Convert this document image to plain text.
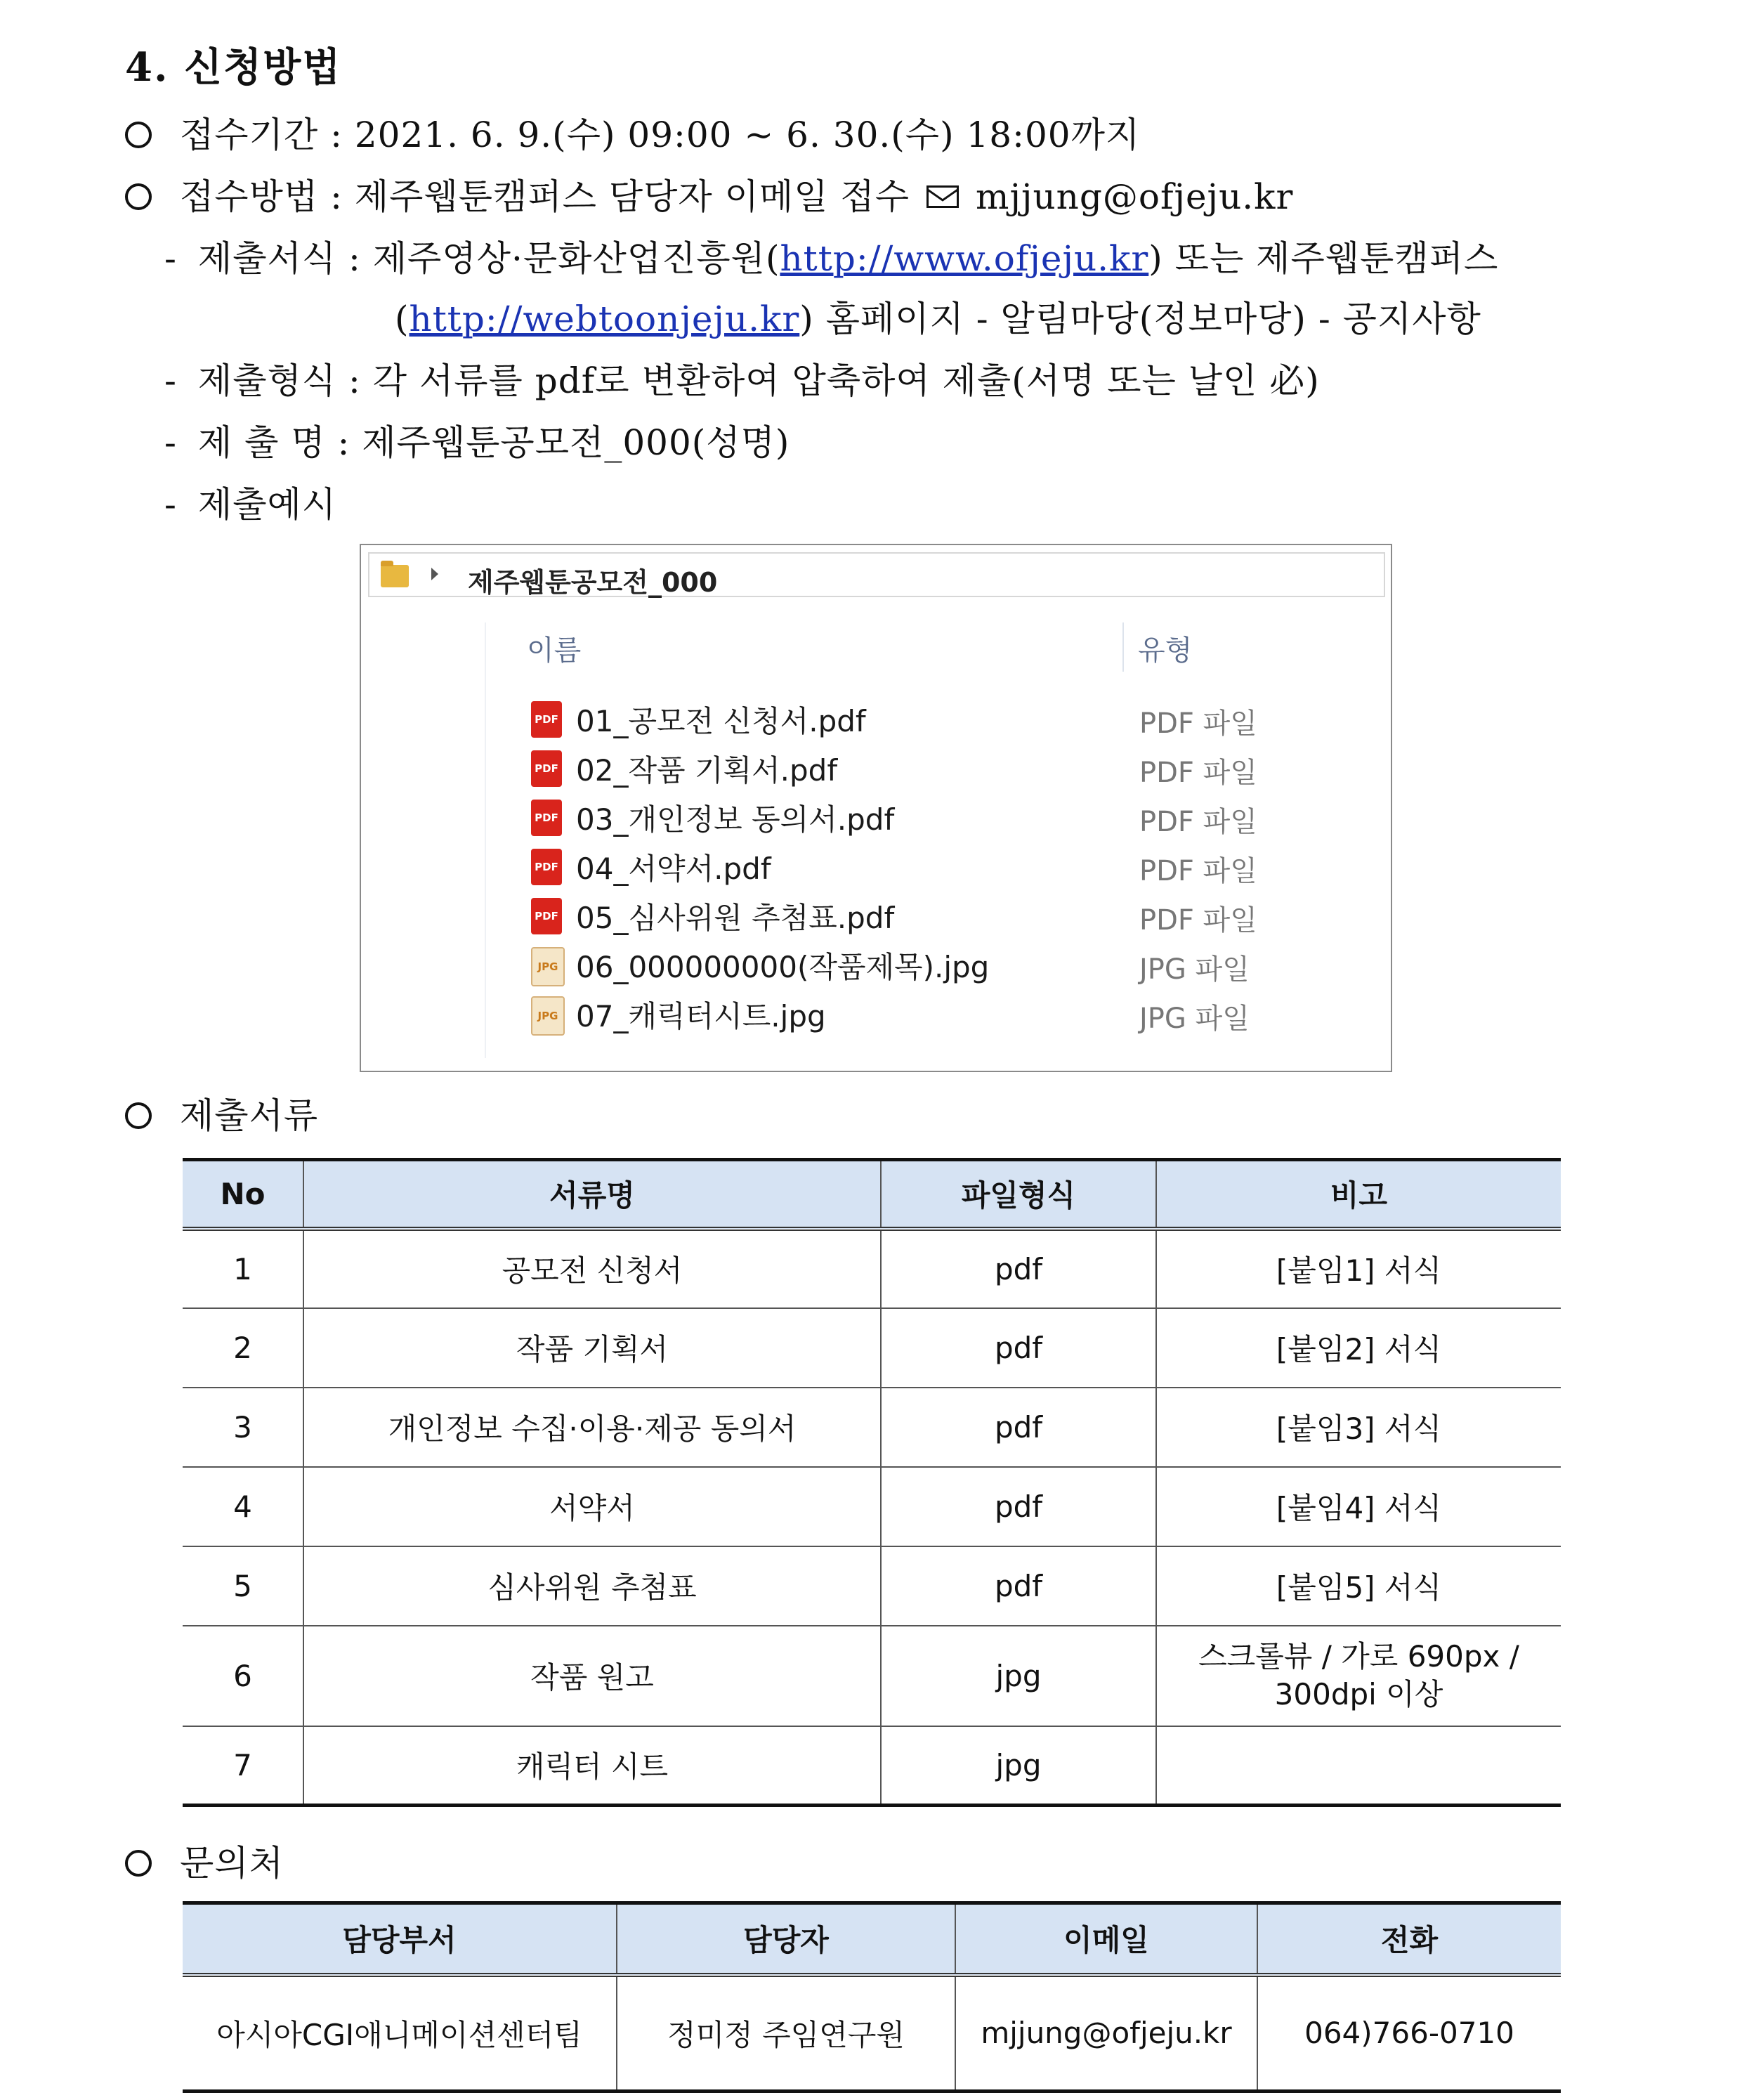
4. 신청방법
접수기간 : 2021. 6. 9.(수) 09:00 ~ 6. 30.(수) 18:00까지
접수방법 : 제주웹툰캠퍼스 담당자 이메일 접수 mjjung@ofjeju.kr
- 제출서식 : 제주영상·문화산업진흥원(http://www.ofjeju.kr) 또는 제주웹툰캠퍼스
(http://webtoonjeju.kr) 홈페이지 - 알림마당(정보마당) - 공지사항
- 제출형식 : 각 서류를 pdf로 변환하여 압축하여 제출(서명 또는 날인 必)
- 제 출 명 : 제주웹툰공모전_000(성명)
- 제출예시
제주웹툰공모전_000
이름	유형
PDF 01_공모전 신청서.pdf	PDF 파일
PDF 02_작품 기획서.pdf	PDF 파일
PDF 03_개인정보 동의서.pdf	PDF 파일
PDF 04_서약서.pdf	PDF 파일
PDF 05_심사위원 추첨표.pdf	PDF 파일
JPG 06_000000000(작품제목).jpg	JPG 파일
JPG 07_캐릭터시트.jpg	JPG 파일
제출서류
No	서류명	파일형식	비고
1	공모전 신청서	pdf	[붙임1] 서식
2	작품 기획서	pdf	[붙임2] 서식
3	개인정보 수집·이용·제공 동의서	pdf	[붙임3] 서식
4	서약서	pdf	[붙임4] 서식
5	심사위원 추첨표	pdf	[붙임5] 서식
6	작품 원고	jpg	스크롤뷰 / 가로 690px / 300dpi 이상
7	캐릭터 시트	jpg	
문의처
담당부서	담당자	이메일	전화
아시아CGI애니메이션센터팀	정미정 주임연구원	mjjung@ofjeju.kr	064)766-0710
